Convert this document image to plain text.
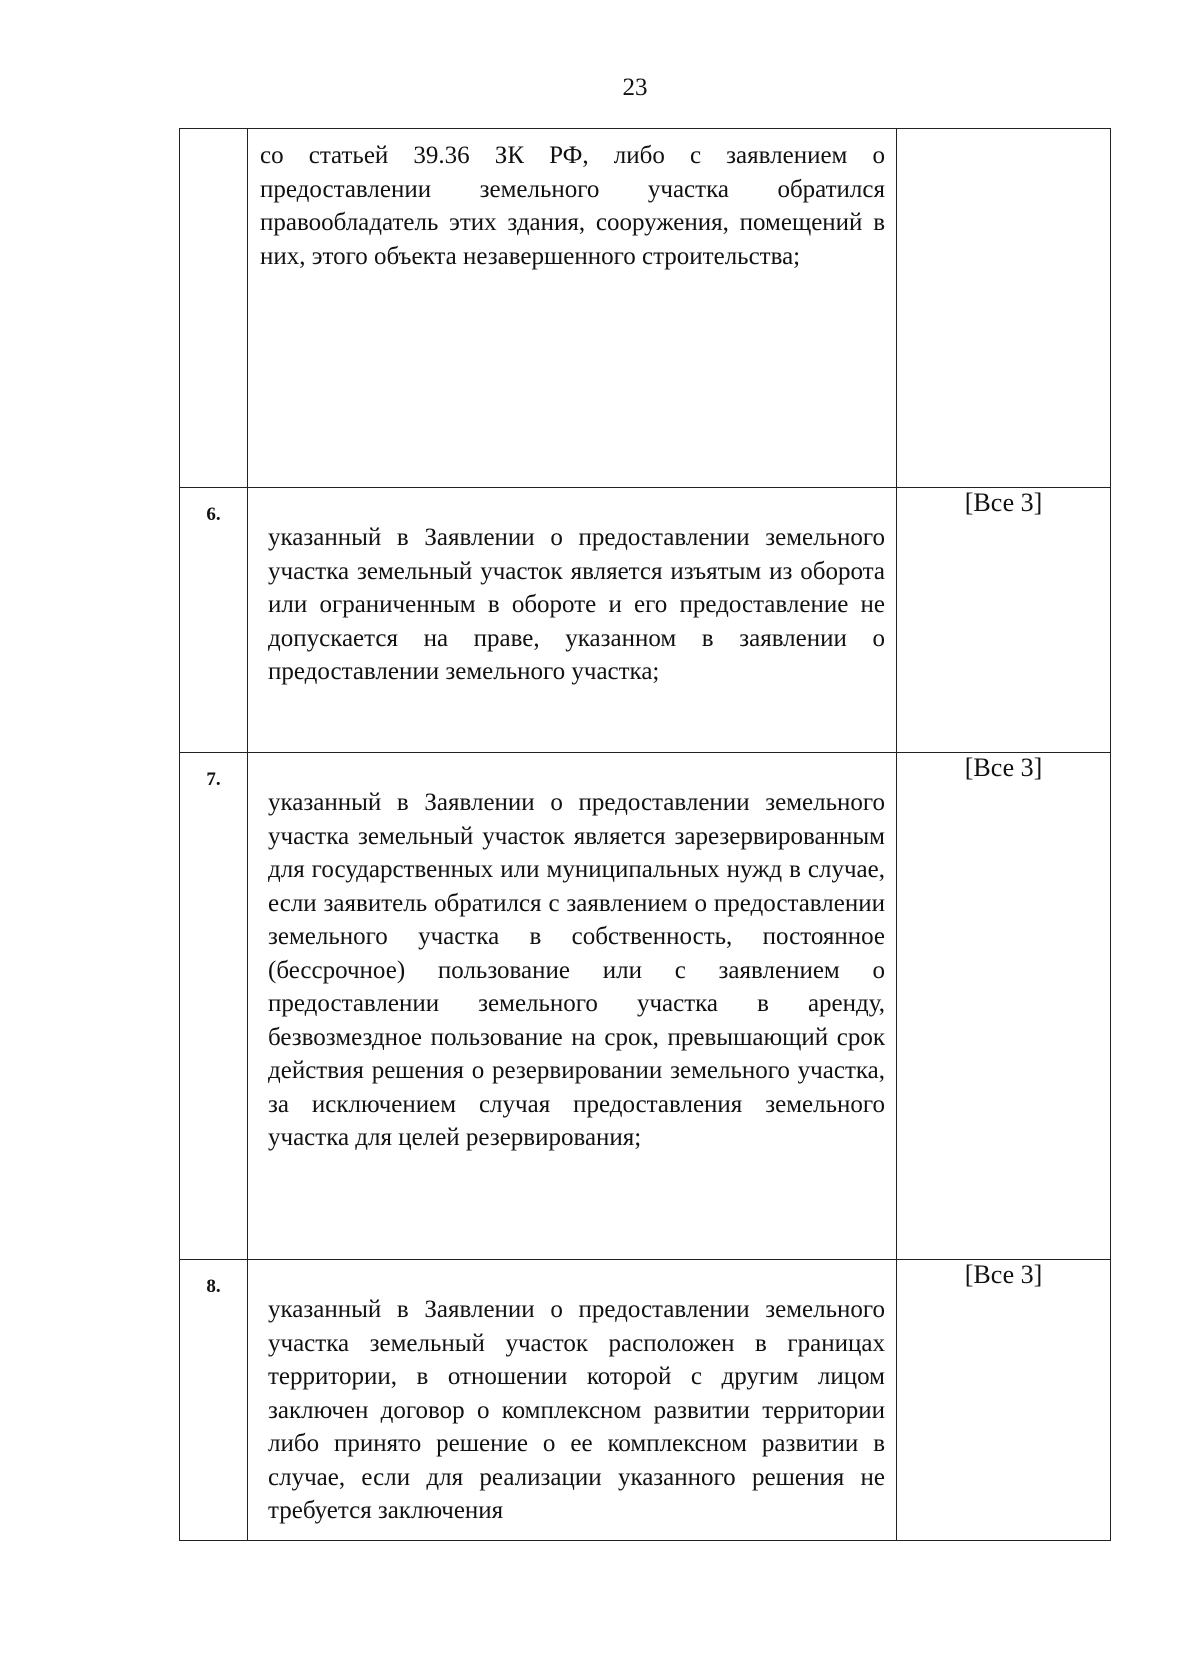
23

	со статьей 39.36 ЗК РФ, либо с заявлением о предоставлении земельного участка обратился правообладатель этих здания, сооружения, помещений в них, этого объекта незавершенного строительства;	

6.	указанный в Заявлении о предоставлении земельного участка земельный участок является изъятым из оборота или ограниченным в обороте и его предоставление не допускается на праве, указанном в заявлении о предоставлении земельного участка;	[Все 3]

7.	указанный в Заявлении о предоставлении земельного участка земельный участок является зарезервированным для государственных или муниципальных нужд в случае, если заявитель обратился с заявлением о предоставлении земельного участка в собственность, постоянное (бессрочное) пользование или с заявлением о предоставлении земельного участка в аренду, безвозмездное пользование на срок, превышающий срок действия решения о резервировании земельного участка, за исключением случая предоставления земельного участка для целей резервирования;	[Все 3]

8.	указанный в Заявлении о предоставлении земельного участка земельный участок расположен в границах территории, в отношении которой с другим лицом заключен договор о комплексном развитии территории либо принято решение о ее комплексном развитии в случае, если для реализации указанного решения не требуется заключения	[Все 3]
